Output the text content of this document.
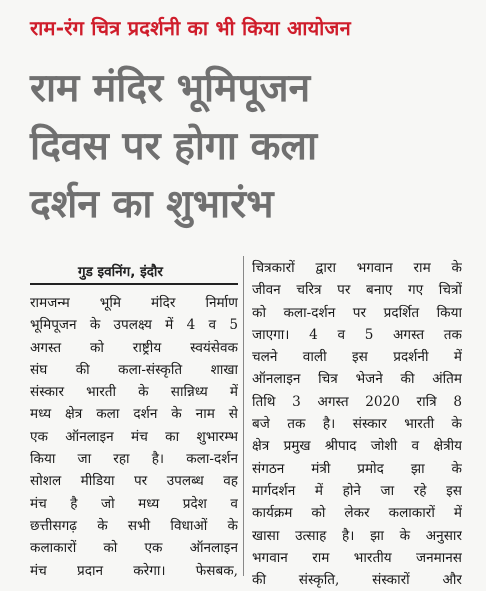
राम-रंग चित्र प्रदर्शनी का भी किया आयोजन
राम मंदिर भूमिपूजन
दिवस पर होगा कला
दर्शन का शुभारंभ
गुड इवनिंग, इंदौर
रामजन्म भूमि मंदिर निर्माण
भूमिपूजन के उपलक्ष्य में 4 व 5
अगस्त को राष्ट्रीय स्वयंसेवक
संघ की कला-संस्कृति शाखा
संस्कार भारती के सान्निध्य में
मध्य क्षेत्र कला दर्शन के नाम से
एक ऑनलाइन मंच का शुभारम्भ
किया जा रहा है। कला-दर्शन
सोशल मीडिया पर उपलब्ध वह
मंच है जो मध्य प्रदेश व
छत्तीसगढ़ के सभी विधाओं के
कलाकारों को एक ऑनलाइन
मंच प्रदान करेगा। फेसबक,
चित्रकारों द्वारा भगवान राम के
जीवन चरित्र पर बनाए गए चित्रों
को कला-दर्शन पर प्रदर्शित किया
जाएगा। 4 व 5 अगस्त तक
चलने वाली इस प्रदर्शनी में
ऑनलाइन चित्र भेजने की अंतिम
तिथि 3 अगस्त 2020 रात्रि 8
बजे तक है। संस्कार भारती के
क्षेत्र प्रमुख श्रीपाद जोशी व क्षेत्रीय
संगठन मंत्री प्रमोद झा के
मार्गदर्शन में होने जा रहे इस
कार्यक्रम को लेकर कलाकारों में
खासा उत्साह है। झा के अनुसार
भगवान राम भारतीय जनमानस
की संस्कृति, संस्कारों और
